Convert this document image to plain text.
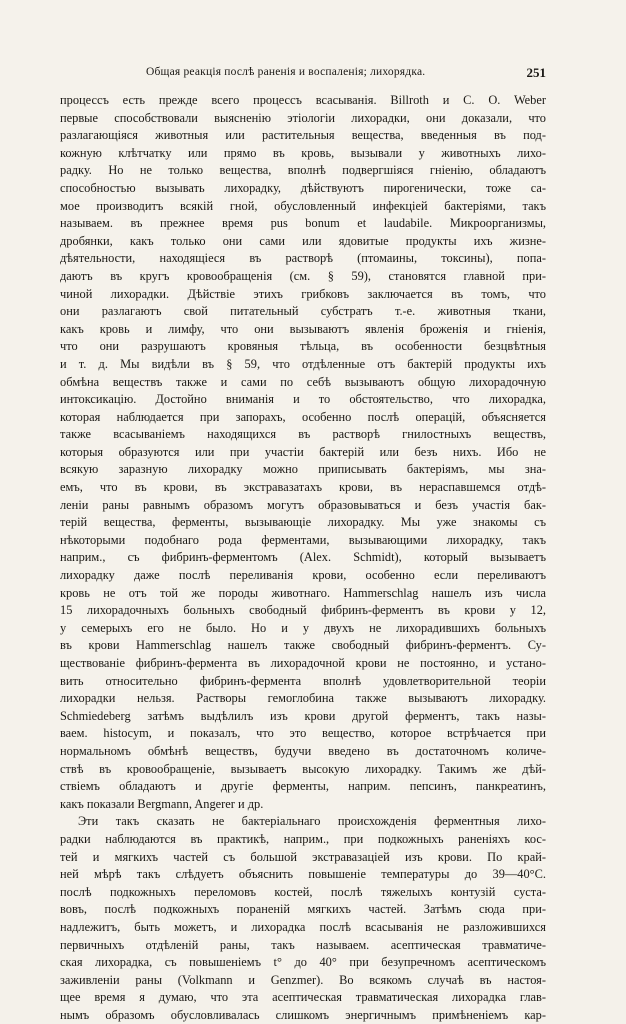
Общая реакція послѣ раненія и воспаленія; лихорядка.	251
процессъ есть прежде всего процессъ всасыванія. Billroth и C. O. Weber
первые способствовали выясненію этіологіи лихорадки, они доказали, что
разлагающіяся животныя или растительныя вещества, введенныя въ под-
кожную клѣтчатку или прямо въ кровь, вызывали у животныхъ лихо-
радку. Но не только вещества, вполнѣ подвергшіяся гніенію, обладаютъ
способностью вызывать лихорадку, дѣйствуютъ пирогенически, тоже са-
мое производитъ всякій гной, обусловленный инфекціей бактеріями, такъ
называем. въ прежнее время pus bonum et laudabile. Микроорганизмы,
дробянки, какъ только они сами или ядовитые продукты ихъ жизне-
дѣятельности, находящіеся въ растворѣ (птомаины, токсины), попа-
даютъ въ кругъ кровообращенія (см. § 59), становятся главной при-
чиной лихорадки. Дѣйствіе этихъ грибковъ заключается въ томъ, что
они разлагаютъ свой питательный субстратъ т.-е. животныя ткани,
какъ кровь и лимфу, что они вызываютъ явленія броженія и гніенія,
что они разрушаютъ кровяныя тѣльца, въ особенности безцвѣтныя
и т. д. Мы видѣли въ § 59, что отдѣленные отъ бактерій продукты ихъ
обмѣна веществъ также и сами по себѣ вызываютъ общую лихорадочную
интоксикацію. Достойно вниманія и то обстоятельство, что лихорадка,
которая наблюдается при запорахъ, особенно послѣ операцій, объясняется
также всасываніемъ находящихся въ растворѣ гнилостныхъ веществъ,
которыя образуются или при участіи бактерій или безъ нихъ. Ибо не
всякую заразную лихорадку можно приписывать бактеріямъ, мы зна-
емъ, что въ крови, въ экстравазатахъ крови, въ нераспавшемся отдѣ-
леніи раны равнымъ образомъ могутъ образовываться и безъ участія бак-
терій вещества, ферменты, вызывающіе лихорадку. Мы уже знакомы съ
нѣкоторыми подобнаго рода ферментами, вызывающими лихорадку, такъ
наприм., съ фибринъ-ферментомъ (Alex. Schmidt), который вызываетъ
лихорадку даже послѣ переливанія крови, особенно если переливаютъ
кровь не отъ той же породы животнаго. Hammerschlag нашелъ изъ числа
15 лихорадочныхъ больныхъ свободный фибринъ-ферментъ въ крови у 12,
у семерыхъ его не было. Но и у двухъ не лихорадившихъ больныхъ
въ крови Hammerschlag нашелъ также свободный фибринъ-ферментъ. Су-
ществованіе фибринъ-фермента въ лихорадочной крови не постоянно, и устано-
вить относительно фибринъ-фермента вполнѣ удовлетворительной теоріи
лихорадки нельзя. Растворы гемоглобина также вызываютъ лихорадку.
Schmiedeberg затѣмъ выдѣлилъ изъ крови другой ферментъ, такъ назы-
ваем. histocym, и показалъ, что это вещество, которое встрѣчается при
нормальномъ обмѣнѣ веществъ, будучи введено въ достаточномъ количе-
ствѣ въ кровообращеніе, вызываетъ высокую лихорадку. Такимъ же дѣй-
ствіемъ обладаютъ и другіе ферменты, наприм. пепсинъ, панкреатинъ,
какъ показали Bergmann, Angerer и др.
Эти такъ сказать не бактеріальнаго происхожденія ферментныя лихо-
радки наблюдаются въ практикѣ, наприм., при подкожныхъ раненіяхъ кос-
тей и мягкихъ частей съ большой экстравазаціей изъ крови. По край-
ней мѣрѣ такъ слѣдуетъ объяснить повышеніе температуры до 39—40°С.
послѣ подкожныхъ переломовъ костей, послѣ тяжелыхъ контузій суста-
вовъ, послѣ подкожныхъ пораненій мягкихъ частей. Затѣмъ сюда при-
надлежитъ, быть можетъ, и лихорадка послѣ всасыванія не разложившихся
первичныхъ отдѣленій раны, такъ называем. асептическая травматиче-
ская лихорадка, съ повышеніемъ t° до 40° при безупречномъ асептическомъ
заживленіи раны (Volkmann и Genzmer). Во всякомъ случаѣ въ настоя-
щее время я думаю, что эта асептическая травматическая лихорадка глав-
нымъ образомъ обусловливалась слишкомъ энергичнымъ примѣненіемъ кар-
